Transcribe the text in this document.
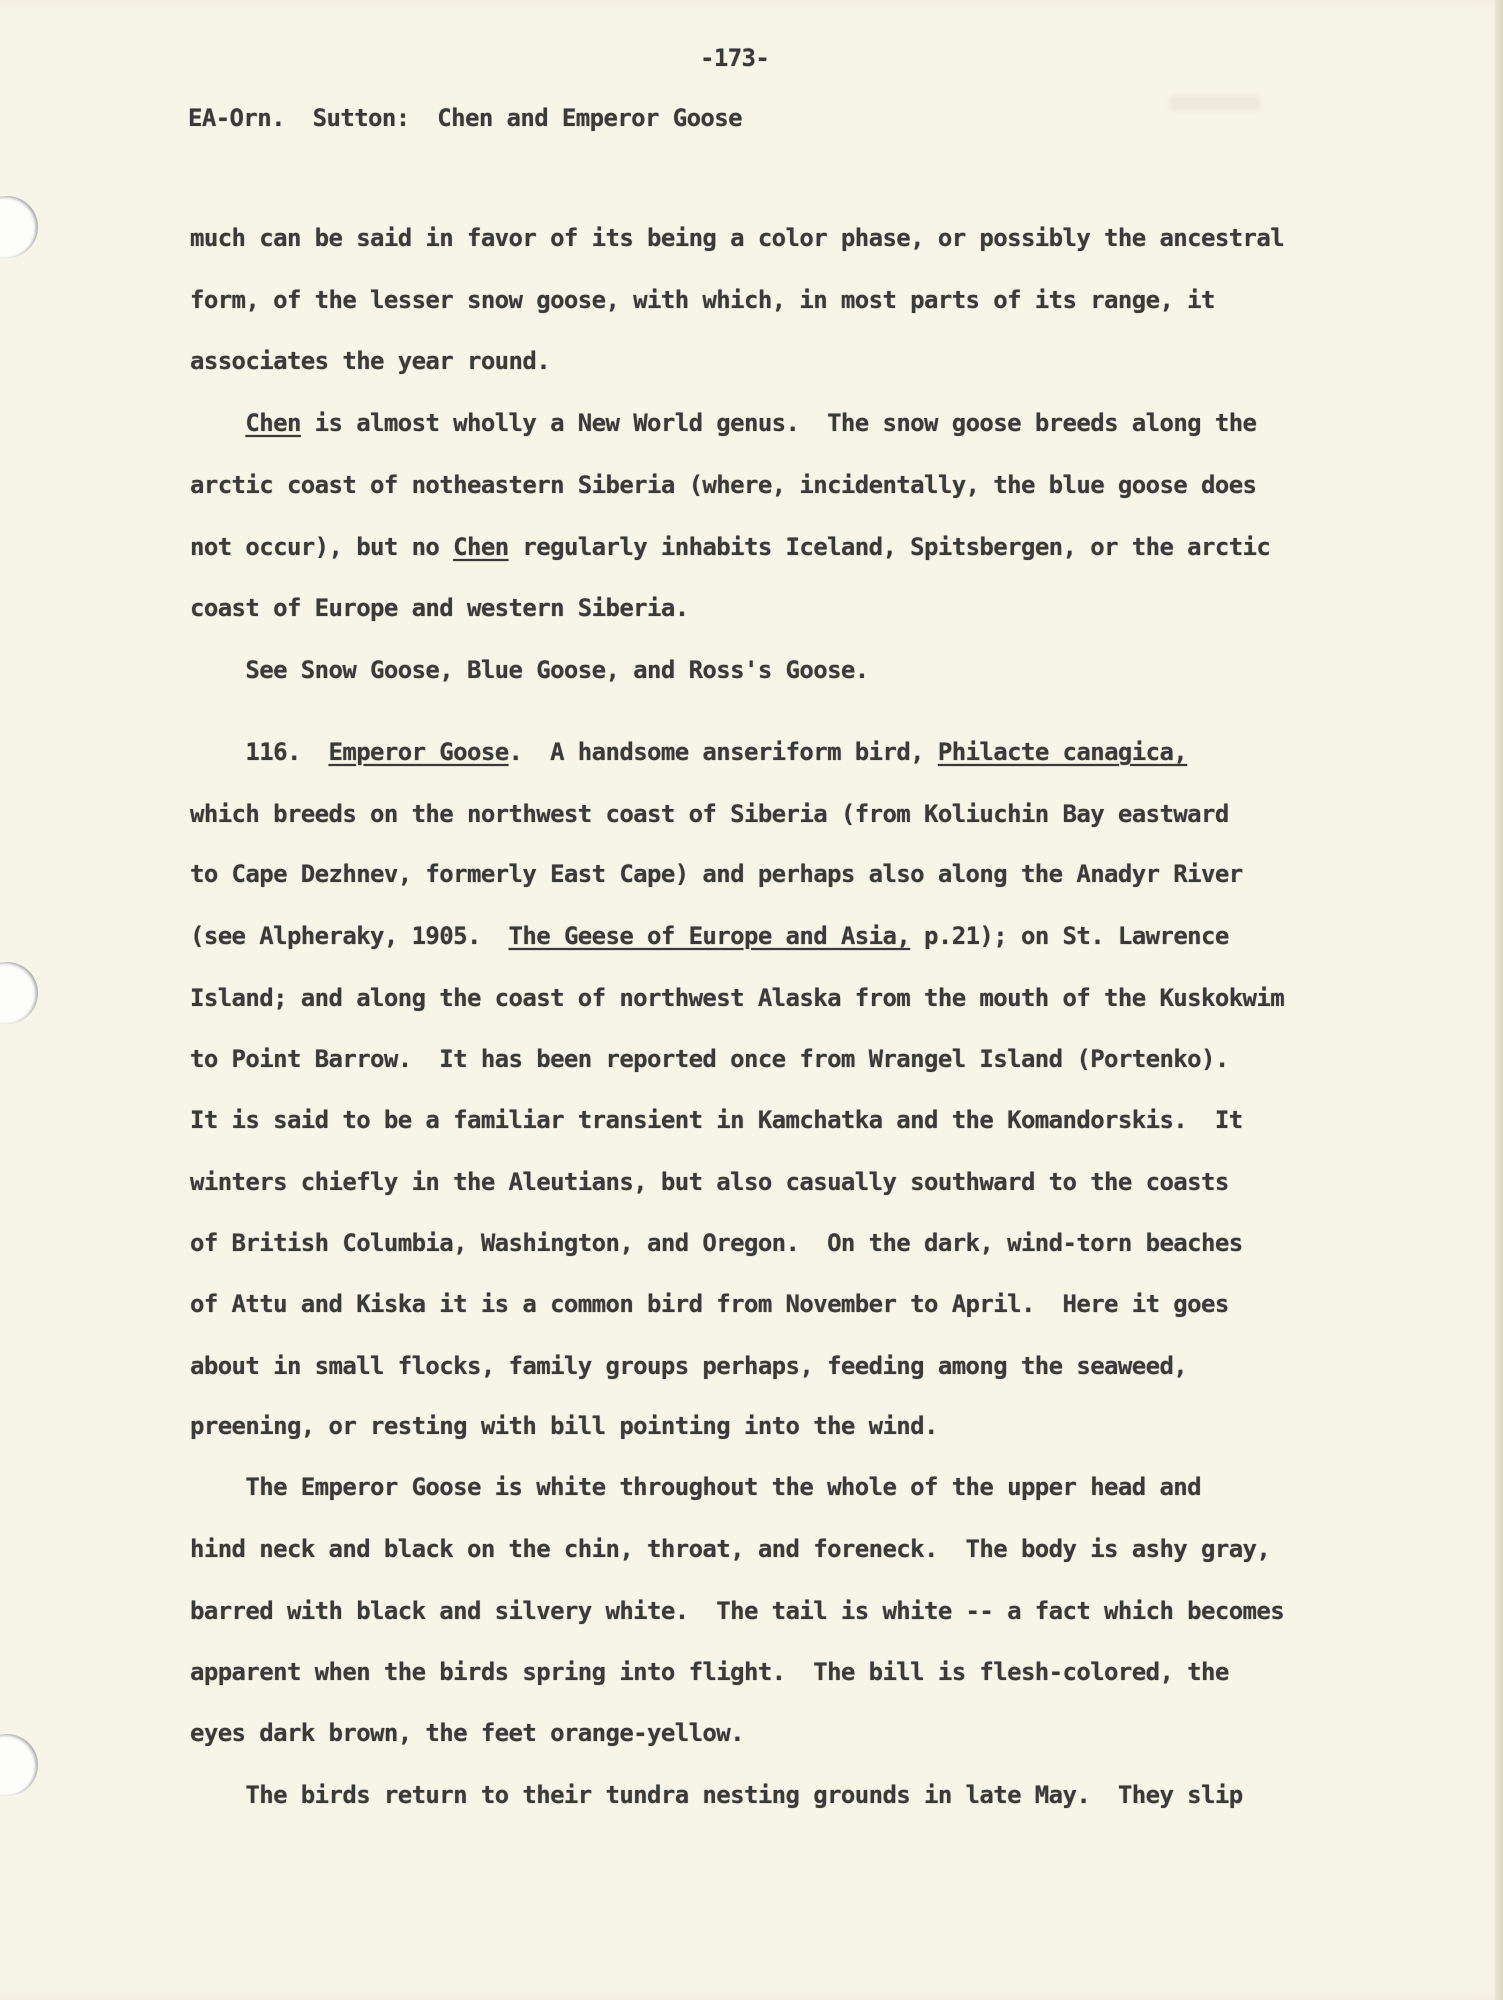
-173-
EA-Orn.  Sutton:  Chen and Emperor Goose
much can be said in favor of its being a color phase, or possibly the ancestral
form, of the lesser snow goose, with which, in most parts of its range, it
associates the year round.
Chen is almost wholly a New World genus.  The snow goose breeds along the
arctic coast of nothеastern Siberia (where, incidentally, the blue goose does
not occur), but no Chen regularly inhabits Iceland, Spitsbergen, or the arctic
coast of Europe and western Siberia.
See Snow Goose, Blue Goose, and Ross's Goose.
116.  Emperor Goose.  A handsome anseriform bird, Philacte canagica,
which breeds on the northwest coast of Siberia (from Koliuchin Bay eastward
to Cape Dezhnev, formerly East Cape) and perhaps also along the Anadyr River
(see Alpheraky, 1905.  The Geese of Europe and Asia, p.21); on St. Lawrence
Island; and along the coast of northwest Alaska from the mouth of the Kuskokwim
to Point Barrow.  It has been reported once from Wrangel Island (Portenko).
It is said to be a familiar transient in Kamchatka and the Komandorskis.  It
winters chiefly in the Aleutians, but also casually southward to the coasts
of British Columbia, Washington, and Oregon.  On the dark, wind-torn beaches
of Attu and Kiska it is a common bird from November to April.  Here it goes
about in small flocks, family groups perhaps, feeding among the seaweed,
preening, or resting with bill pointing into the wind.
The Emperor Goose is white throughout the whole of the upper head and
hind neck and black on the chin, throat, and foreneck.  The body is ashy gray,
barred with black and silvery white.  The tail is white -- a fact which becomes
apparent when the birds spring into flight.  The bill is flesh-colored, the
eyes dark brown, the feet orange-yellow.
The birds return to their tundra nesting grounds in late May.  They slip
